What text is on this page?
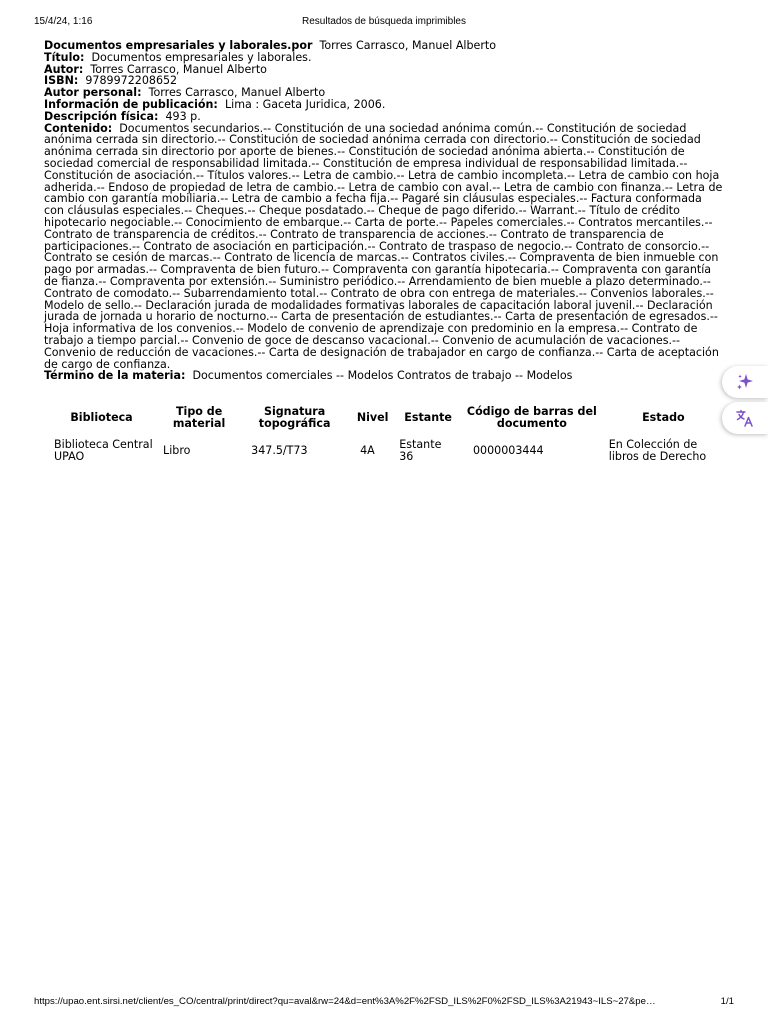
15/4/24, 1:16	Resultados de búsqueda imprimibles
Documentos empresariales y laborales.por Torres Carrasco, Manuel Alberto
Título: Documentos empresariales y laborales.
Autor: Torres Carrasco, Manuel Alberto
ISBN: 9789972208652
Autor personal: Torres Carrasco, Manuel Alberto
Información de publicación: Lima : Gaceta Juridica, 2006.
Descripción física: 493 p.
Contenido: Documentos secundarios.-- Constitución de una sociedad anónima común.-- Constitución de sociedad anónima cerrada sin directorio.-- Constitución de sociedad anónima cerrada con directorio.-- Constitución de sociedad anónima cerrada sin directorio por aporte de bienes.-- Constitución de sociedad anónima abierta.-- Constitución de sociedad comercial de responsabilidad limitada.-- Constitución de empresa individual de responsabilidad limitada.-- Constitución de asociación.-- Títulos valores.-- Letra de cambio.-- Letra de cambio incompleta.-- Letra de cambio con hoja adherida.-- Endoso de propiedad de letra de cambio.-- Letra de cambio con aval.-- Letra de cambio con finanza.-- Letra de cambio con garantía mobiliaria.-- Letra de cambio a fecha fija.-- Pagaré sin cláusulas especiales.-- Factura conformada con cláusulas especiales.-- Cheques.-- Cheque posdatado.-- Cheque de pago diferido.-- Warrant.-- Título de crédito hipotecario negociable.-- Conocimiento de embarque.-- Carta de porte.-- Papeles comerciales.-- Contratos mercantiles.-- Contrato de transparencia de créditos.-- Contrato de transparencia de acciones.-- Contrato de transparencia de participaciones.-- Contrato de asociación en participación.-- Contrato de traspaso de negocio.-- Contrato de consorcio.-- Contrato se cesión de marcas.-- Contrato de licencia de marcas.-- Contratos civiles.-- Compraventa de bien inmueble con pago por armadas.-- Compraventa de bien futuro.-- Compraventa con garantía hipotecaria.-- Compraventa con garantía de fianza.-- Compraventa por extensión.-- Suministro periódico.-- Arrendamiento de bien mueble a plazo determinado.-- Contrato de comodato.-- Subarrendamiento total.-- Contrato de obra con entrega de materiales.-- Convenios laborales.-- Modelo de sello.-- Declaración jurada de modalidades formativas laborales de capacitación laboral juvenil.-- Declaración jurada de jornada u horario de nocturno.-- Carta de presentación de estudiantes.-- Carta de presentación de egresados.-- Hoja informativa de los convenios.-- Modelo de convenio de aprendizaje con predominio en la empresa.-- Contrato de trabajo a tiempo parcial.-- Convenio de goce de descanso vacacional.-- Convenio de acumulación de vacaciones.-- Convenio de reducción de vacaciones.-- Carta de designación de trabajador en cargo de confianza.-- Carta de aceptación de cargo de confianza.
Término de la materia: Documentos comerciales -- Modelos Contratos de trabajo -- Modelos
Biblioteca	Tipo de material	Signatura topográfica	Nivel	Estante	Código de barras del documento	Estado
Biblioteca Central UPAO	Libro	347.5/T73	4A	Estante 36	0000003444	En Colección de libros de Derecho
https://upao.ent.sirsi.net/client/es_CO/central/print/direct?qu=aval&rw=24&d=ent%3A%2F%2FSD_ILS%2F0%2FSD_ILS%3A21943~ILS~27&pe…	1/1
